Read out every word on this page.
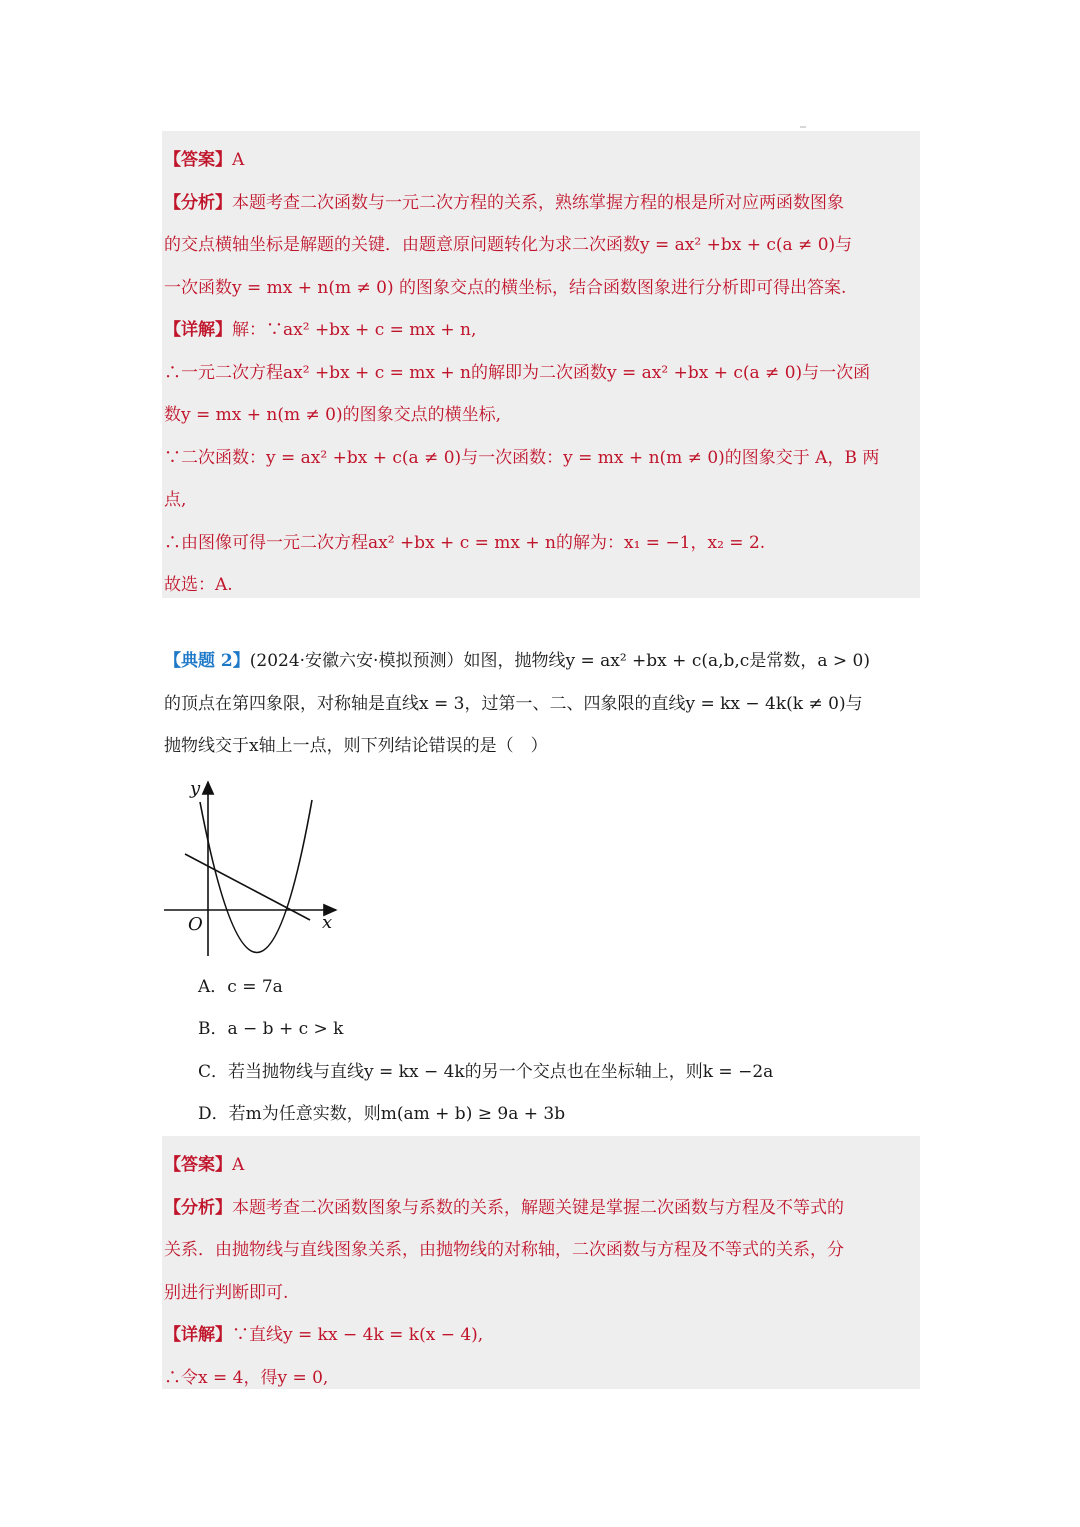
【答案】A
【分析】本题考查二次函数与一元二次方程的关系，熟练掌握方程的根是所对应两函数图象
的交点横轴坐标是解题的关键．由题意原问题转化为求二次函数y = ax² +bx + c(a ≠ 0)与
一次函数y = mx + n(m ≠ 0) 的图象交点的横坐标，结合函数图象进行分析即可得出答案.
【详解】解：∵ax² +bx + c = mx + n,
∴一元二次方程ax² +bx + c = mx + n的解即为二次函数y = ax² +bx + c(a ≠ 0)与一次函
数y = mx + n(m ≠ 0)的图象交点的横坐标,
∵二次函数：y = ax² +bx + c(a ≠ 0)与一次函数：y = mx + n(m ≠ 0)的图象交于 A，B 两
点,
∴由图像可得一元二次方程ax² +bx + c = mx + n的解为：x₁ = −1，x₂ = 2.
故选：A.
【典题 2】(2024·安徽六安·模拟预测）如图，抛物线y = ax² +bx + c(a,b,c是常数，a > 0)
的顶点在第四象限，对称轴是直线x = 3，过第一、二、四象限的直线y = kx − 4k(k ≠ 0)与
抛物线交于x轴上一点，则下列结论错误的是（　）
y
x
O
A．c = 7a
B．a − b + c > k
C．若当抛物线与直线y = kx − 4k的另一个交点也在坐标轴上，则k = −2a
D．若m为任意实数，则m(am + b) ≥ 9a + 3b
【答案】A
【分析】本题考查二次函数图象与系数的关系，解题关键是掌握二次函数与方程及不等式的
关系．由抛物线与直线图象关系，由抛物线的对称轴，二次函数与方程及不等式的关系，分
别进行判断即可.
【详解】∵直线y = kx − 4k = k(x − 4),
∴令x = 4，得y = 0,
